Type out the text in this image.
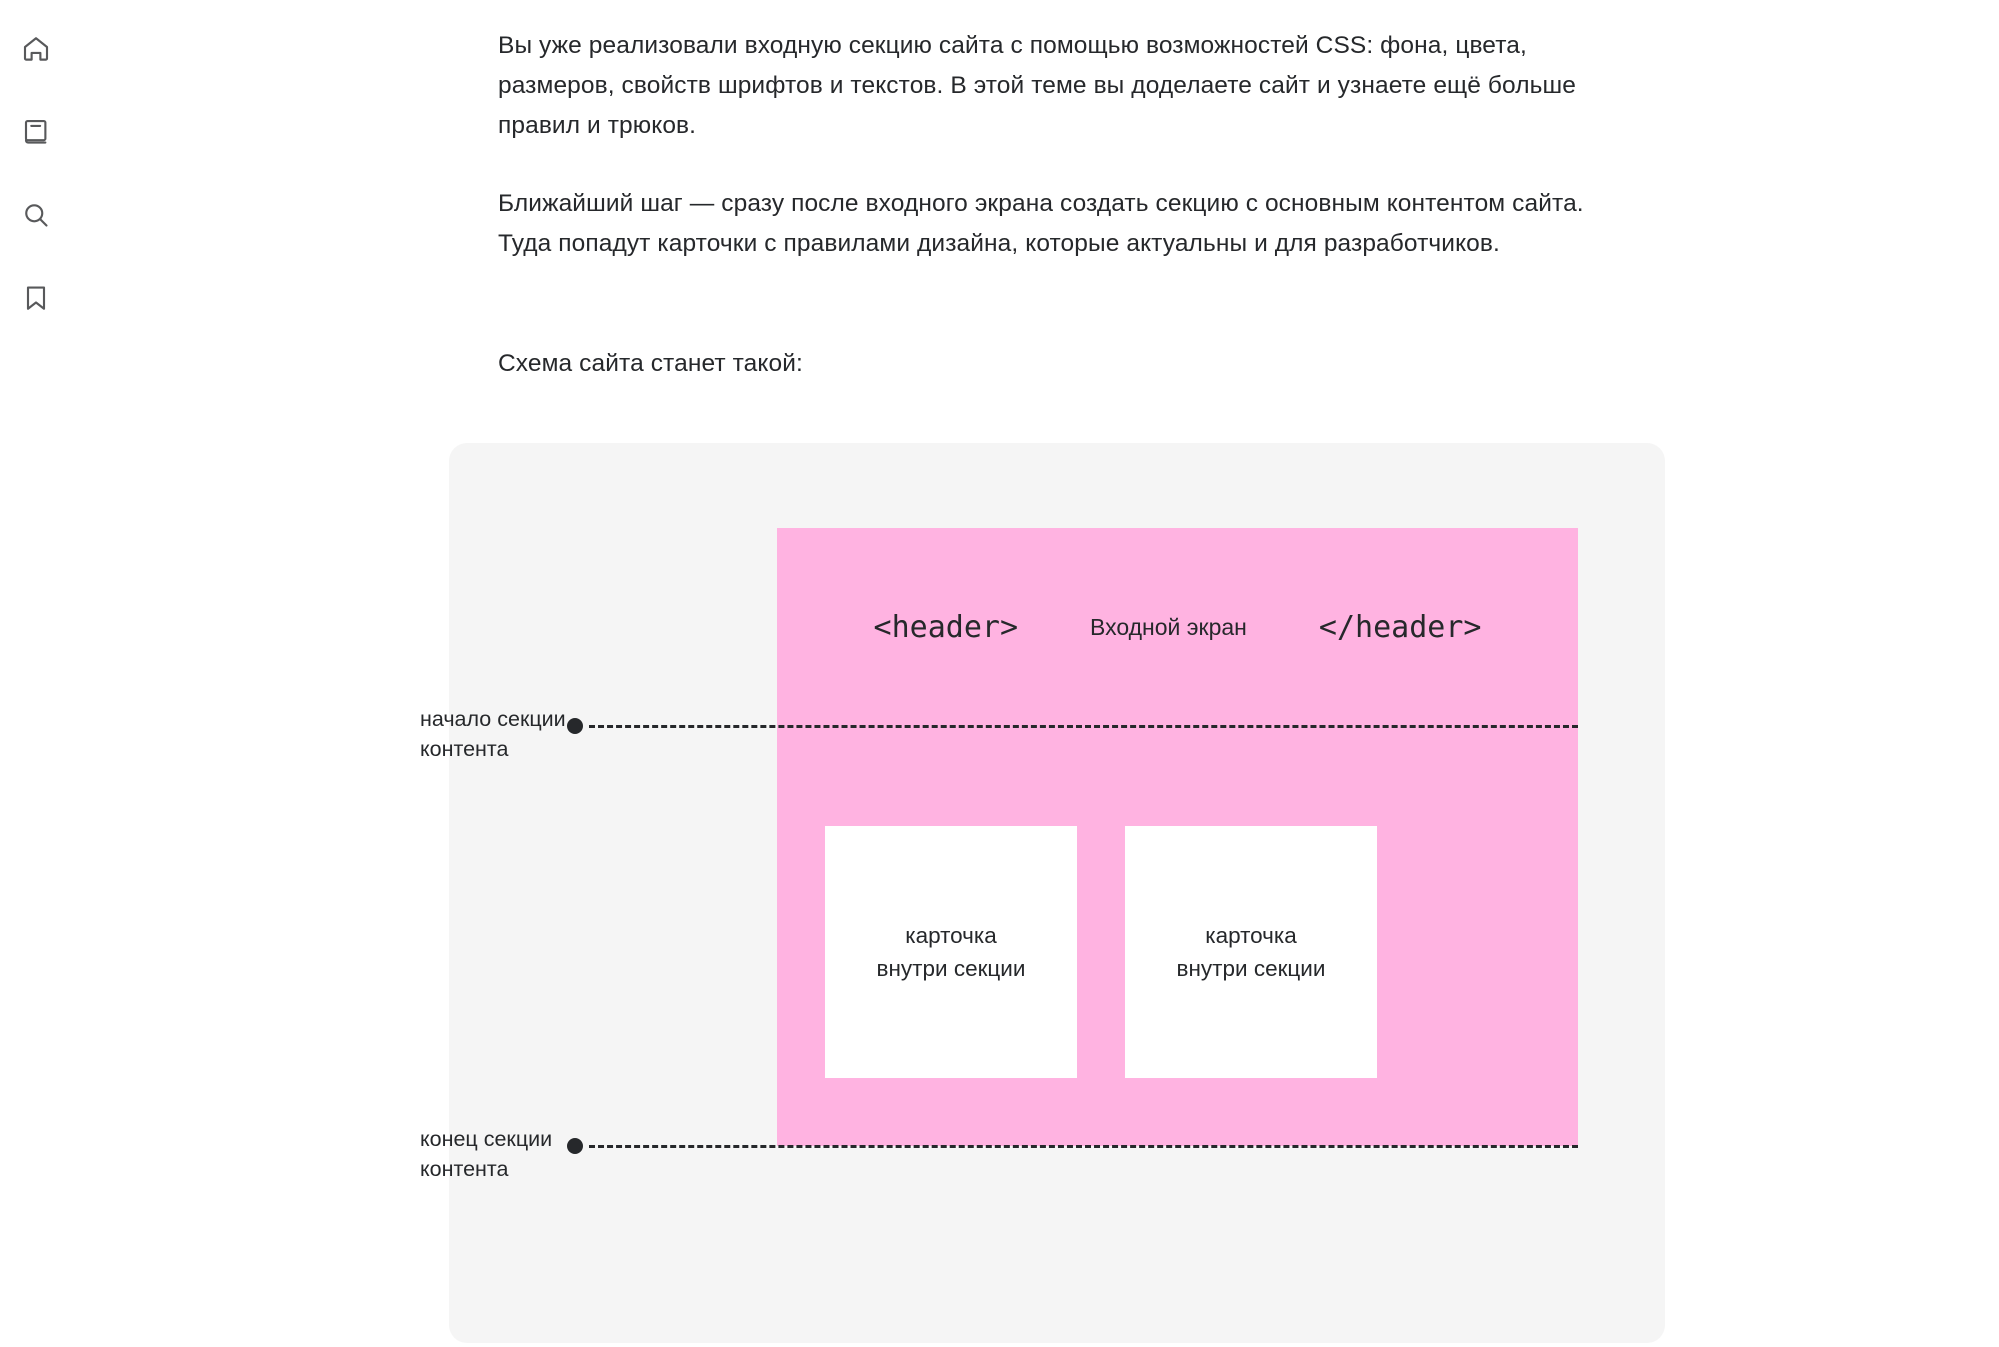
Вы уже реализовали входную секцию сайта с помощью возможностей CSS: фона, цвета, размеров, свойств шрифтов и текстов. В этой теме вы доделаете сайт и узнаете ещё больше правил и трюков.

Ближайший шаг — сразу после входного экрана создать секцию с основным контентом сайта. Туда попадут карточки с правилами дизайна, которые актуальны и для разработчиков.

Схема сайта станет такой:

<header>	Входной экран </header>
карточка
внутри секции
карточка
внутри секции
начало секции
контента
конец секции
контента
